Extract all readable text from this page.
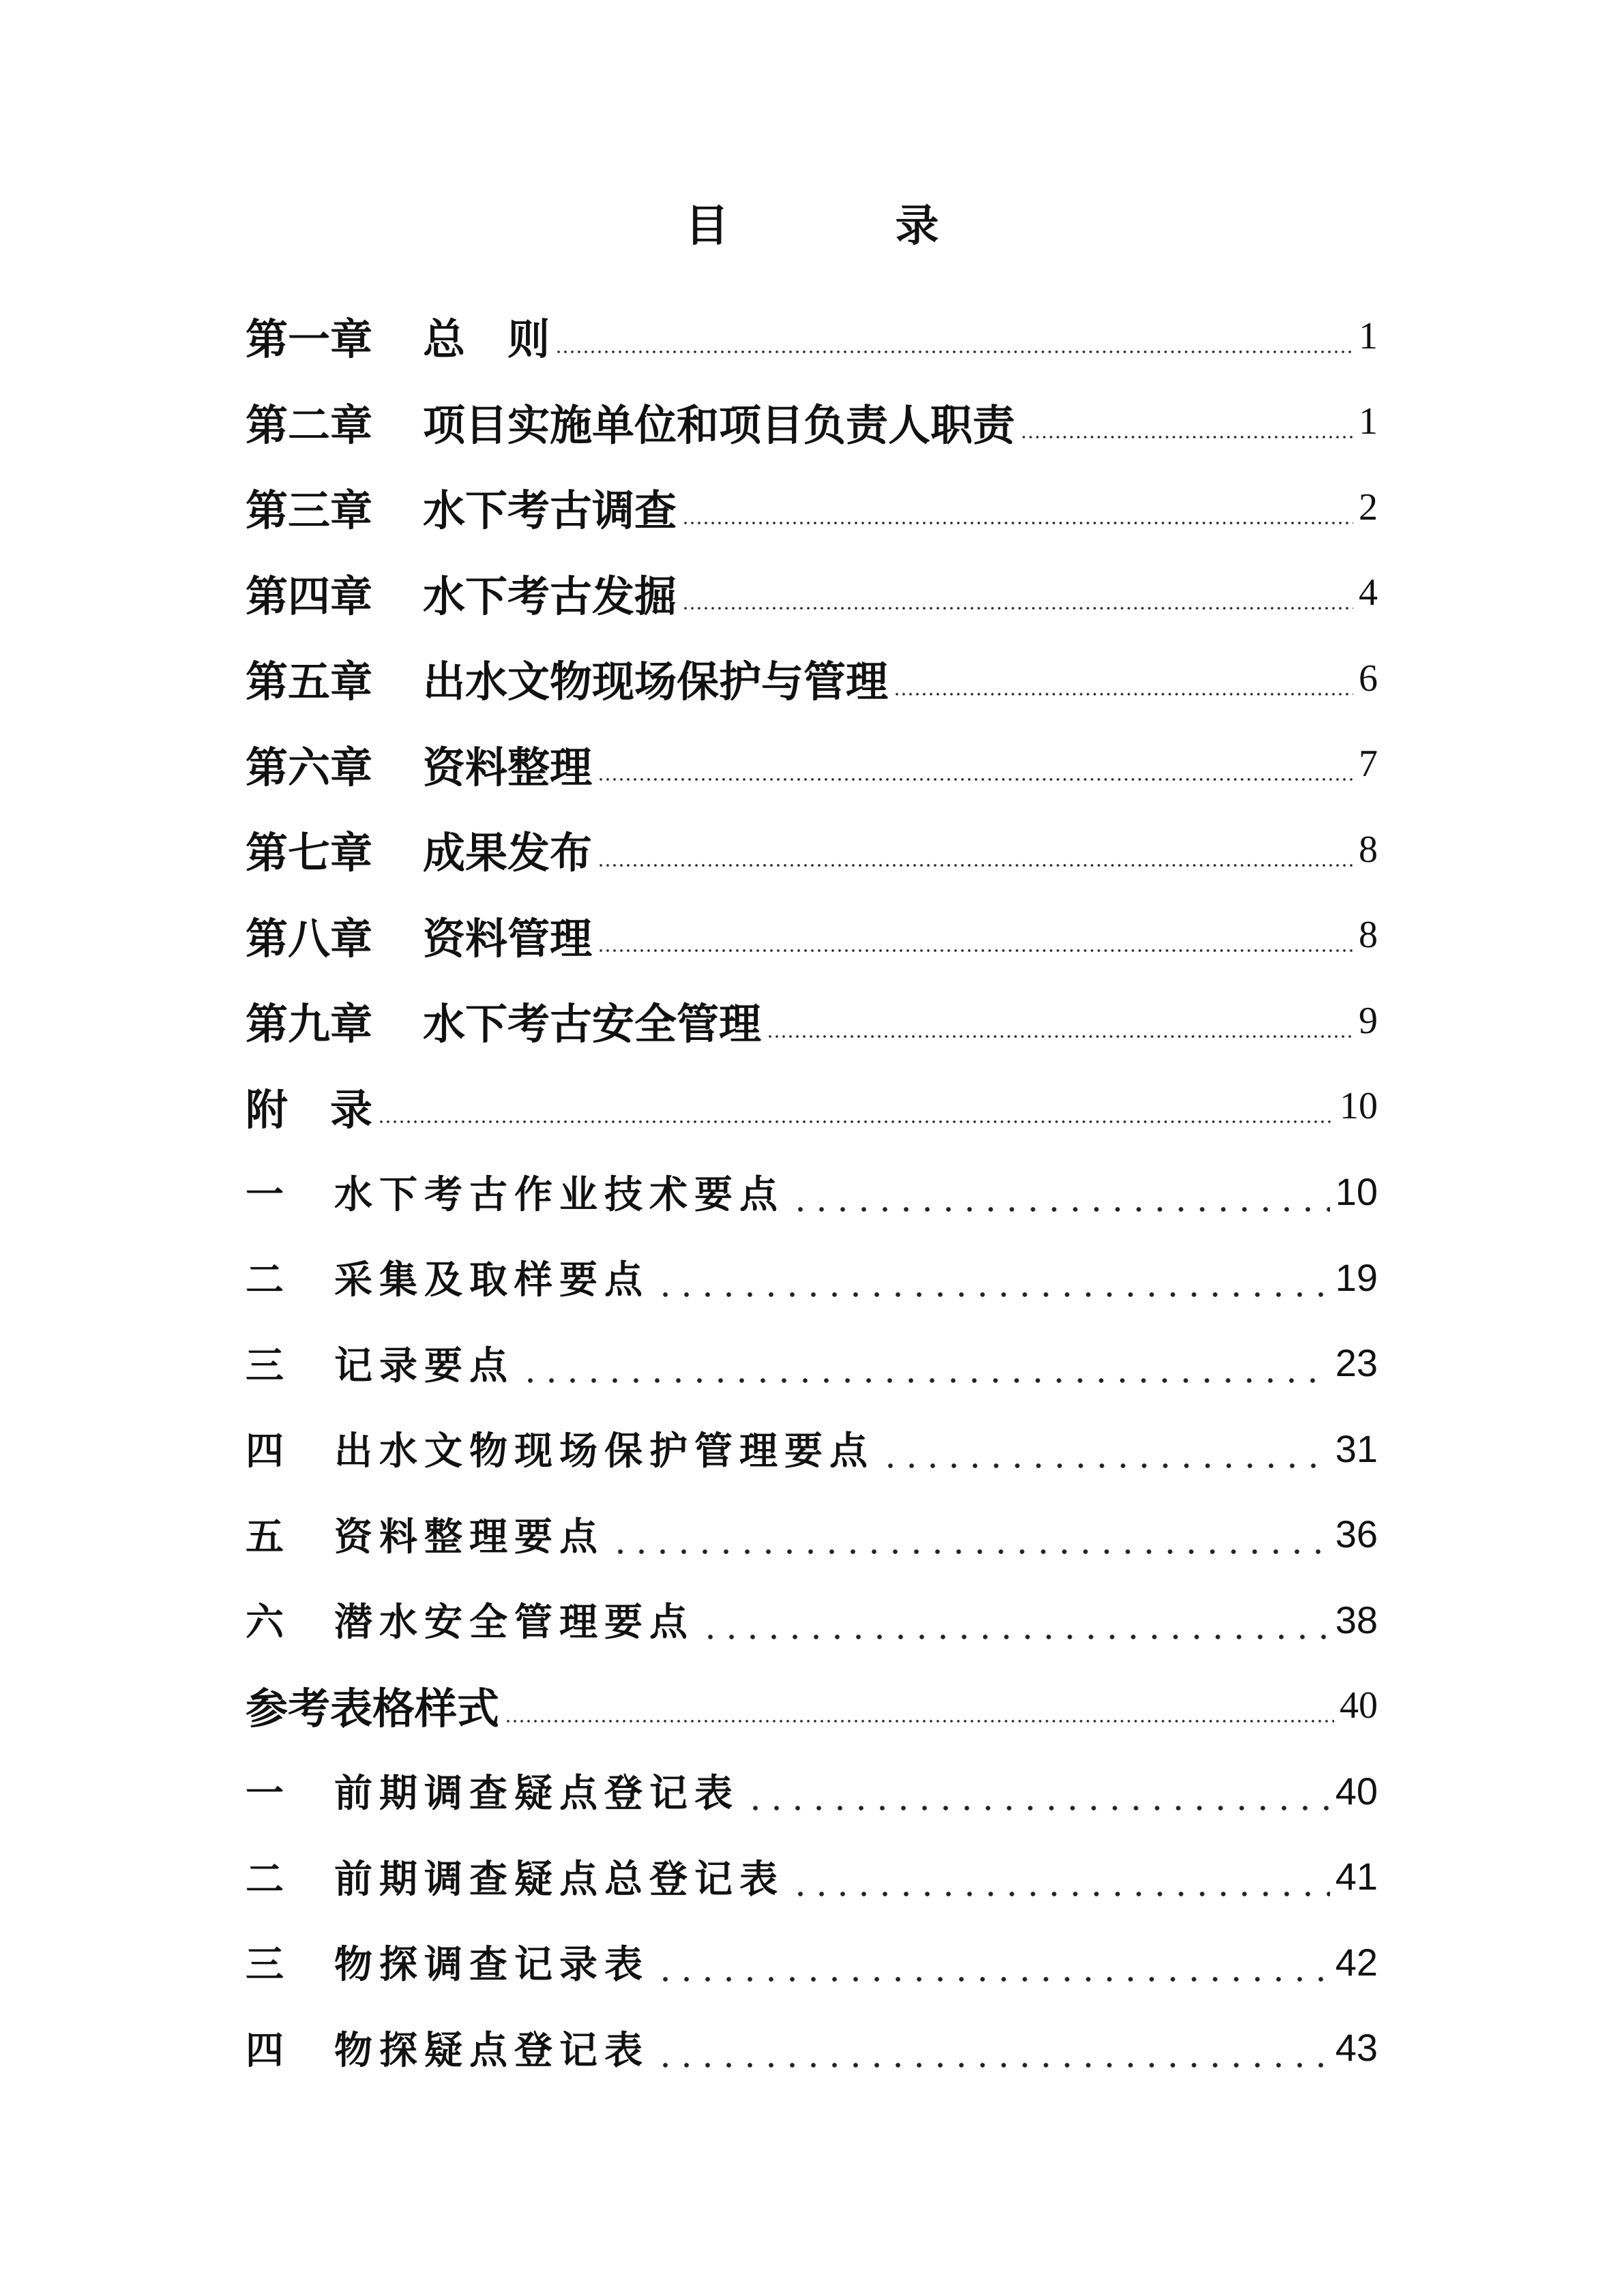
目　录
第一章	总　则	1
第二章	项目实施单位和项目负责人职责	1
第三章	水下考古调查	2
第四章	水下考古发掘	4
第五章	出水文物现场保护与管理	6
第六章	资料整理	7
第七章	成果发布	8
第八章	资料管理	8
第九章	水下考古安全管理	9
附　录	10
一	水下考古作业技术要点	10
二	采集及取样要点	19
三	记录要点	23
四	出水文物现场保护管理要点	31
五	资料整理要点	36
六	潜水安全管理要点	38
参考表格样式	40
一	前期调查疑点登记表	40
二	前期调查疑点总登记表	41
三	物探调查记录表	42
四	物探疑点登记表	43
